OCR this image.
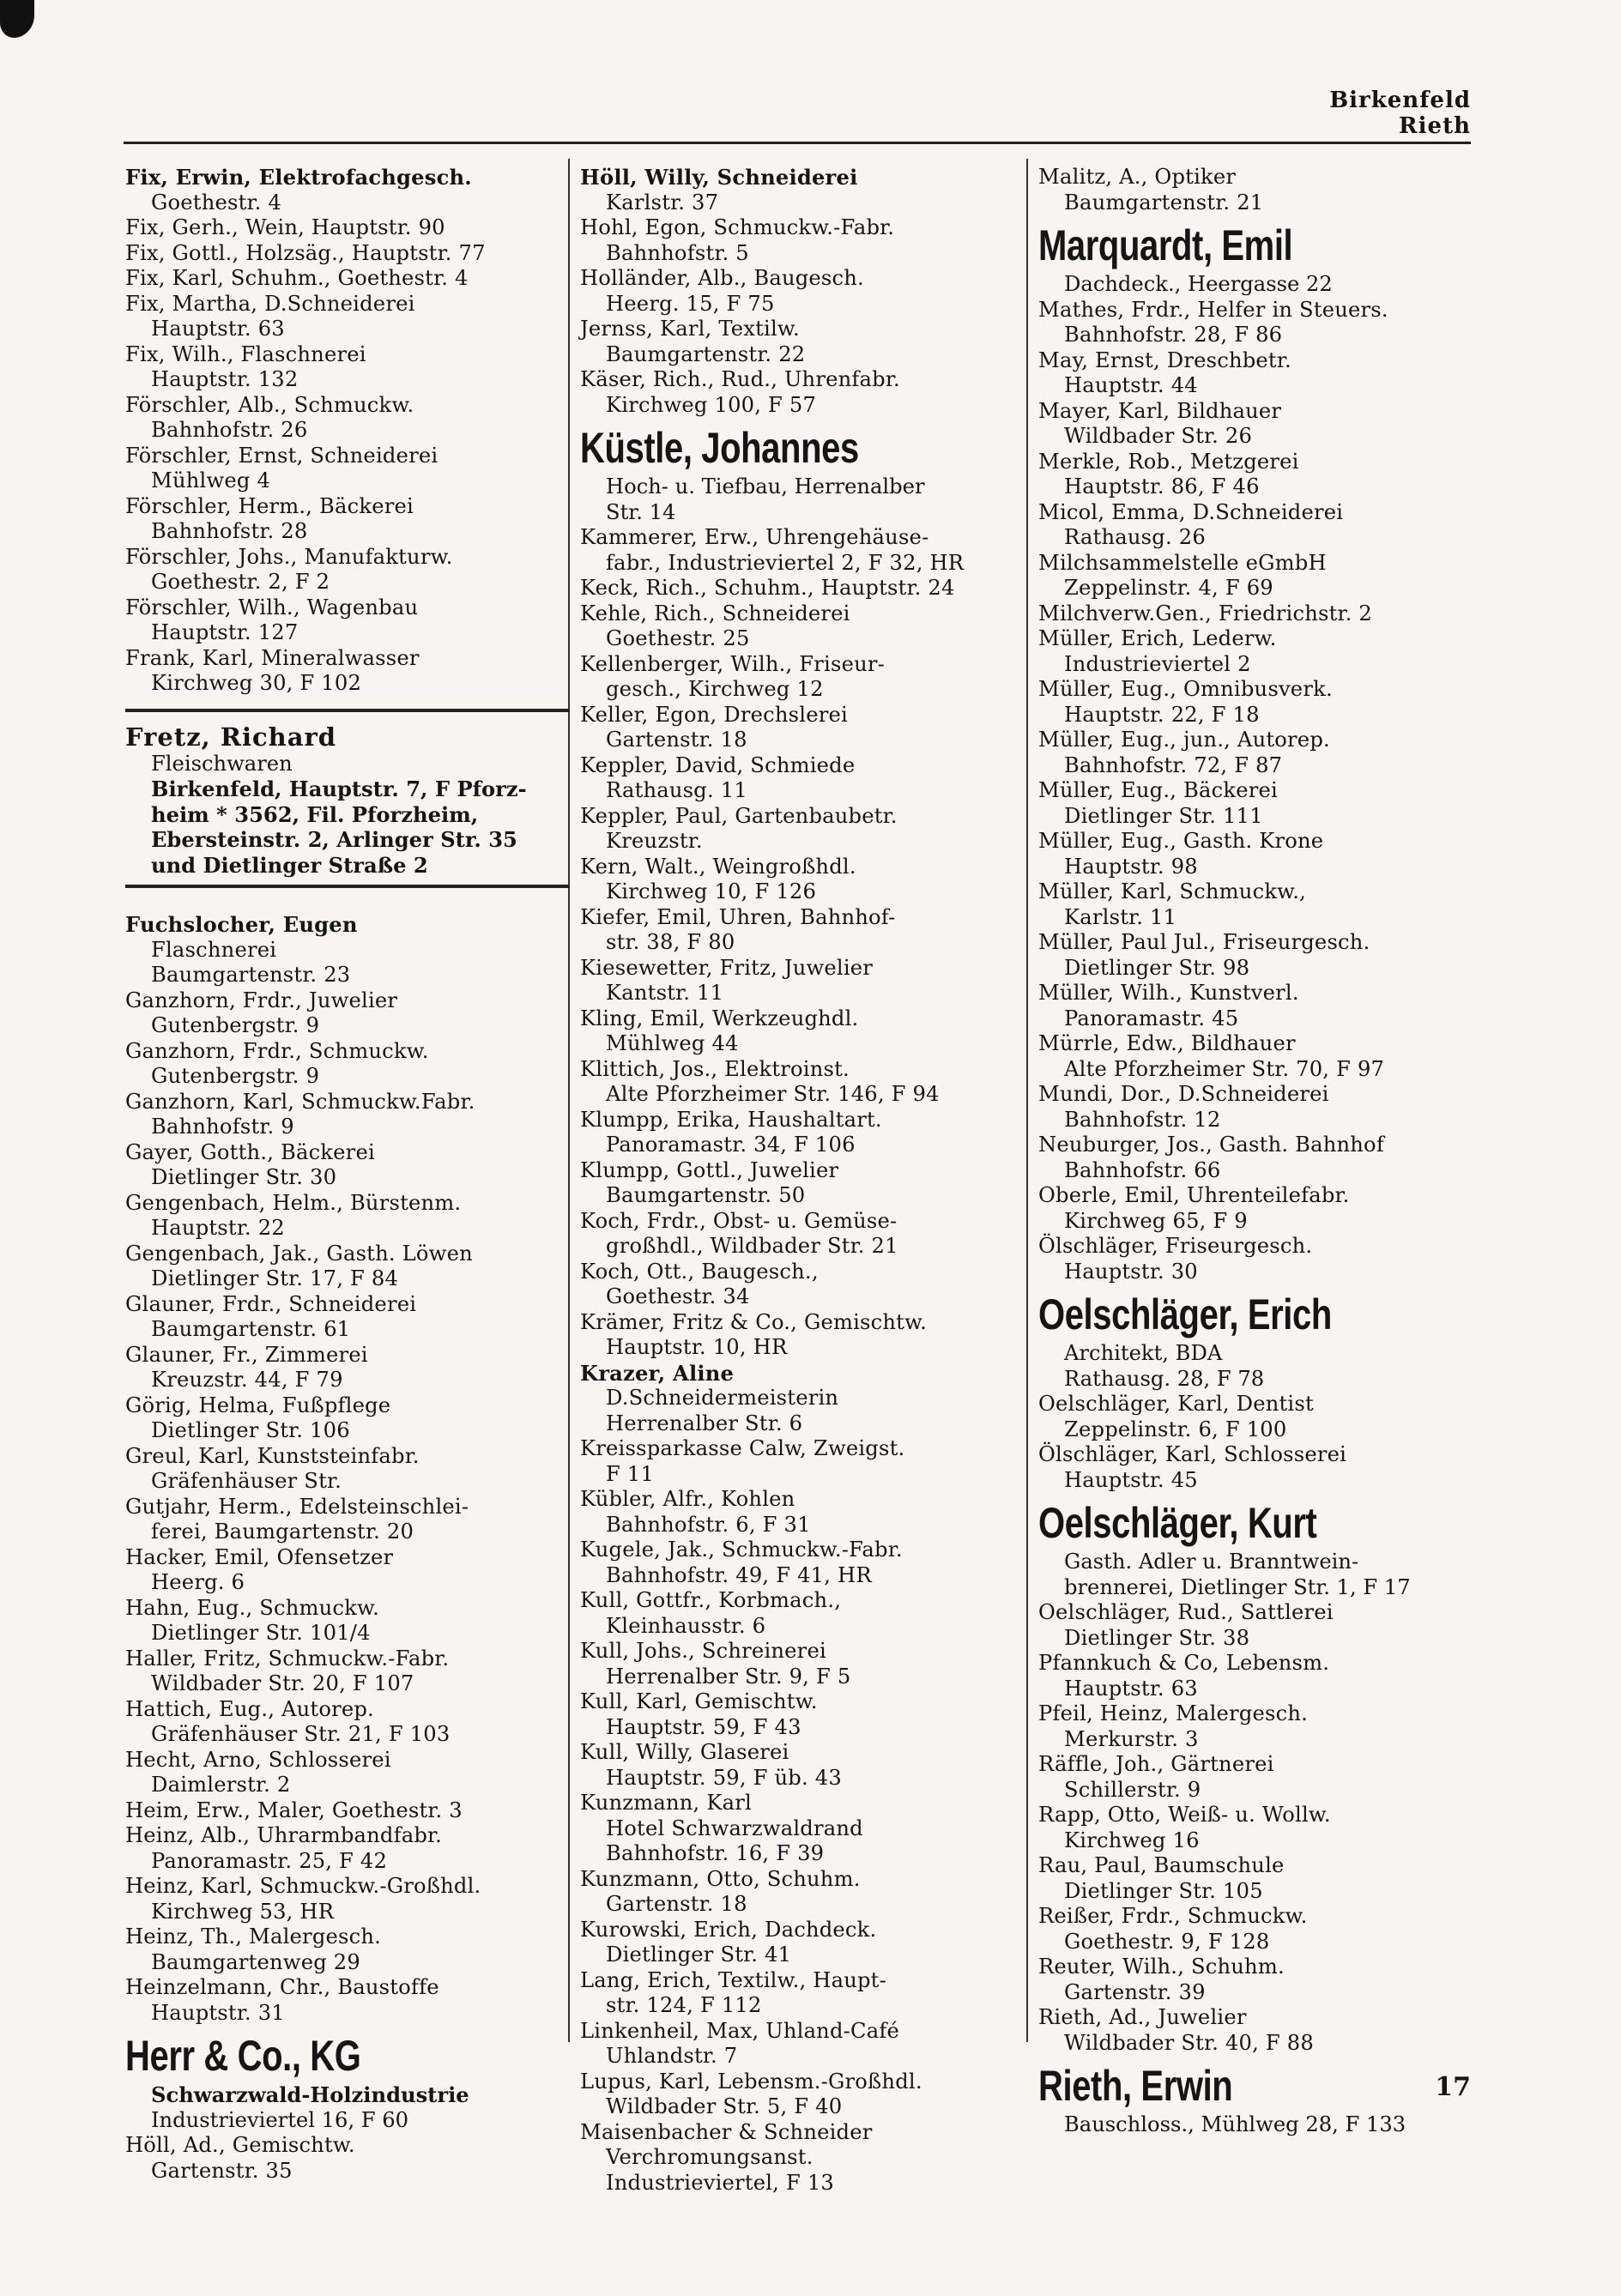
Birkenfeld
Rieth
Fix, Erwin, Elektrofachgesch.
Goethestr. 4
Fix, Gerh., Wein, Hauptstr. 90
Fix, Gottl., Holzsäg., Hauptstr. 77
Fix, Karl, Schuhm., Goethestr. 4
Fix, Martha, D.Schneiderei
Hauptstr. 63
Fix, Wilh., Flaschnerei
Hauptstr. 132
Förschler, Alb., Schmuckw.
Bahnhofstr. 26
Förschler, Ernst, Schneiderei
Mühlweg 4
Förschler, Herm., Bäckerei
Bahnhofstr. 28
Förschler, Johs., Manufakturw.
Goethestr. 2, F 2
Förschler, Wilh., Wagenbau
Hauptstr. 127
Frank, Karl, Mineralwasser
Kirchweg 30, F 102
Fretz, Richard
Fleischwaren
Birkenfeld, Hauptstr. 7, F Pforz-
heim * 3562, Fil. Pforzheim,
Ebersteinstr. 2, Arlinger Str. 35
und Dietlinger Straße 2
Fuchslocher, Eugen
Flaschnerei
Baumgartenstr. 23
Ganzhorn, Frdr., Juwelier
Gutenbergstr. 9
Ganzhorn, Frdr., Schmuckw.
Gutenbergstr. 9
Ganzhorn, Karl, Schmuckw.Fabr.
Bahnhofstr. 9
Gayer, Gotth., Bäckerei
Dietlinger Str. 30
Gengenbach, Helm., Bürstenm.
Hauptstr. 22
Gengenbach, Jak., Gasth. Löwen
Dietlinger Str. 17, F 84
Glauner, Frdr., Schneiderei
Baumgartenstr. 61
Glauner, Fr., Zimmerei
Kreuzstr. 44, F 79
Görig, Helma, Fußpflege
Dietlinger Str. 106
Greul, Karl, Kunststeinfabr.
Gräfenhäuser Str.
Gutjahr, Herm., Edelsteinschlei-
ferei, Baumgartenstr. 20
Hacker, Emil, Ofensetzer
Heerg. 6
Hahn, Eug., Schmuckw.
Dietlinger Str. 101/4
Haller, Fritz, Schmuckw.-Fabr.
Wildbader Str. 20, F 107
Hattich, Eug., Autorep.
Gräfenhäuser Str. 21, F 103
Hecht, Arno, Schlosserei
Daimlerstr. 2
Heim, Erw., Maler, Goethestr. 3
Heinz, Alb., Uhrarmbandfabr.
Panoramastr. 25, F 42
Heinz, Karl, Schmuckw.-Großhdl.
Kirchweg 53, HR
Heinz, Th., Malergesch.
Baumgartenweg 29
Heinzelmann, Chr., Baustoffe
Hauptstr. 31
Herr & Co., KG
Schwarzwald-Holzindustrie
Industrieviertel 16, F 60
Höll, Ad., Gemischtw.
Gartenstr. 35
Höll, Willy, Schneiderei
Karlstr. 37
Hohl, Egon, Schmuckw.-Fabr.
Bahnhofstr. 5
Holländer, Alb., Baugesch.
Heerg. 15, F 75
Jernss, Karl, Textilw.
Baumgartenstr. 22
Käser, Rich., Rud., Uhrenfabr.
Kirchweg 100, F 57
Küstle, Johannes
Hoch- u. Tiefbau, Herrenalber
Str. 14
Kammerer, Erw., Uhrengehäuse-
fabr., Industrieviertel 2, F 32, HR
Keck, Rich., Schuhm., Hauptstr. 24
Kehle, Rich., Schneiderei
Goethestr. 25
Kellenberger, Wilh., Friseur-
gesch., Kirchweg 12
Keller, Egon, Drechslerei
Gartenstr. 18
Keppler, David, Schmiede
Rathausg. 11
Keppler, Paul, Gartenbaubetr.
Kreuzstr.
Kern, Walt., Weingroßhdl.
Kirchweg 10, F 126
Kiefer, Emil, Uhren, Bahnhof-
str. 38, F 80
Kiesewetter, Fritz, Juwelier
Kantstr. 11
Kling, Emil, Werkzeughdl.
Mühlweg 44
Klittich, Jos., Elektroinst.
Alte Pforzheimer Str. 146, F 94
Klumpp, Erika, Haushaltart.
Panoramastr. 34, F 106
Klumpp, Gottl., Juwelier
Baumgartenstr. 50
Koch, Frdr., Obst- u. Gemüse-
großhdl., Wildbader Str. 21
Koch, Ott., Baugesch.,
Goethestr. 34
Krämer, Fritz & Co., Gemischtw.
Hauptstr. 10, HR
Krazer, Aline
D.Schneidermeisterin
Herrenalber Str. 6
Kreissparkasse Calw, Zweigst.
F 11
Kübler, Alfr., Kohlen
Bahnhofstr. 6, F 31
Kugele, Jak., Schmuckw.-Fabr.
Bahnhofstr. 49, F 41, HR
Kull, Gottfr., Korbmach.,
Kleinhausstr. 6
Kull, Johs., Schreinerei
Herrenalber Str. 9, F 5
Kull, Karl, Gemischtw.
Hauptstr. 59, F 43
Kull, Willy, Glaserei
Hauptstr. 59, F üb. 43
Kunzmann, Karl
Hotel Schwarzwaldrand
Bahnhofstr. 16, F 39
Kunzmann, Otto, Schuhm.
Gartenstr. 18
Kurowski, Erich, Dachdeck.
Dietlinger Str. 41
Lang, Erich, Textilw., Haupt-
str. 124, F 112
Linkenheil, Max, Uhland-Café
Uhlandstr. 7
Lupus, Karl, Lebensm.-Großhdl.
Wildbader Str. 5, F 40
Maisenbacher & Schneider
Verchromungsanst.
Industrieviertel, F 13
Malitz, A., Optiker
Baumgartenstr. 21
Marquardt, Emil
Dachdeck., Heergasse 22
Mathes, Frdr., Helfer in Steuers.
Bahnhofstr. 28, F 86
May, Ernst, Dreschbetr.
Hauptstr. 44
Mayer, Karl, Bildhauer
Wildbader Str. 26
Merkle, Rob., Metzgerei
Hauptstr. 86, F 46
Micol, Emma, D.Schneiderei
Rathausg. 26
Milchsammelstelle eGmbH
Zeppelinstr. 4, F 69
Milchverw.Gen., Friedrichstr. 2
Müller, Erich, Lederw.
Industrieviertel 2
Müller, Eug., Omnibusverk.
Hauptstr. 22, F 18
Müller, Eug., jun., Autorep.
Bahnhofstr. 72, F 87
Müller, Eug., Bäckerei
Dietlinger Str. 111
Müller, Eug., Gasth. Krone
Hauptstr. 98
Müller, Karl, Schmuckw.,
Karlstr. 11
Müller, Paul Jul., Friseurgesch.
Dietlinger Str. 98
Müller, Wilh., Kunstverl.
Panoramastr. 45
Mürrle, Edw., Bildhauer
Alte Pforzheimer Str. 70, F 97
Mundi, Dor., D.Schneiderei
Bahnhofstr. 12
Neuburger, Jos., Gasth. Bahnhof
Bahnhofstr. 66
Oberle, Emil, Uhrenteilefabr.
Kirchweg 65, F 9
Ölschläger, Friseurgesch.
Hauptstr. 30
Oelschläger, Erich
Architekt, BDA
Rathausg. 28, F 78
Oelschläger, Karl, Dentist
Zeppelinstr. 6, F 100
Ölschläger, Karl, Schlosserei
Hauptstr. 45
Oelschläger, Kurt
Gasth. Adler u. Branntwein-
brennerei, Dietlinger Str. 1, F 17
Oelschläger, Rud., Sattlerei
Dietlinger Str. 38
Pfannkuch & Co, Lebensm.
Hauptstr. 63
Pfeil, Heinz, Malergesch.
Merkurstr. 3
Räffle, Joh., Gärtnerei
Schillerstr. 9
Rapp, Otto, Weiß- u. Wollw.
Kirchweg 16
Rau, Paul, Baumschule
Dietlinger Str. 105
Reißer, Frdr., Schmuckw.
Goethestr. 9, F 128
Reuter, Wilh., Schuhm.
Gartenstr. 39
Rieth, Ad., Juwelier
Wildbader Str. 40, F 88
Rieth, Erwin
Bauschloss., Mühlweg 28, F 133
17
